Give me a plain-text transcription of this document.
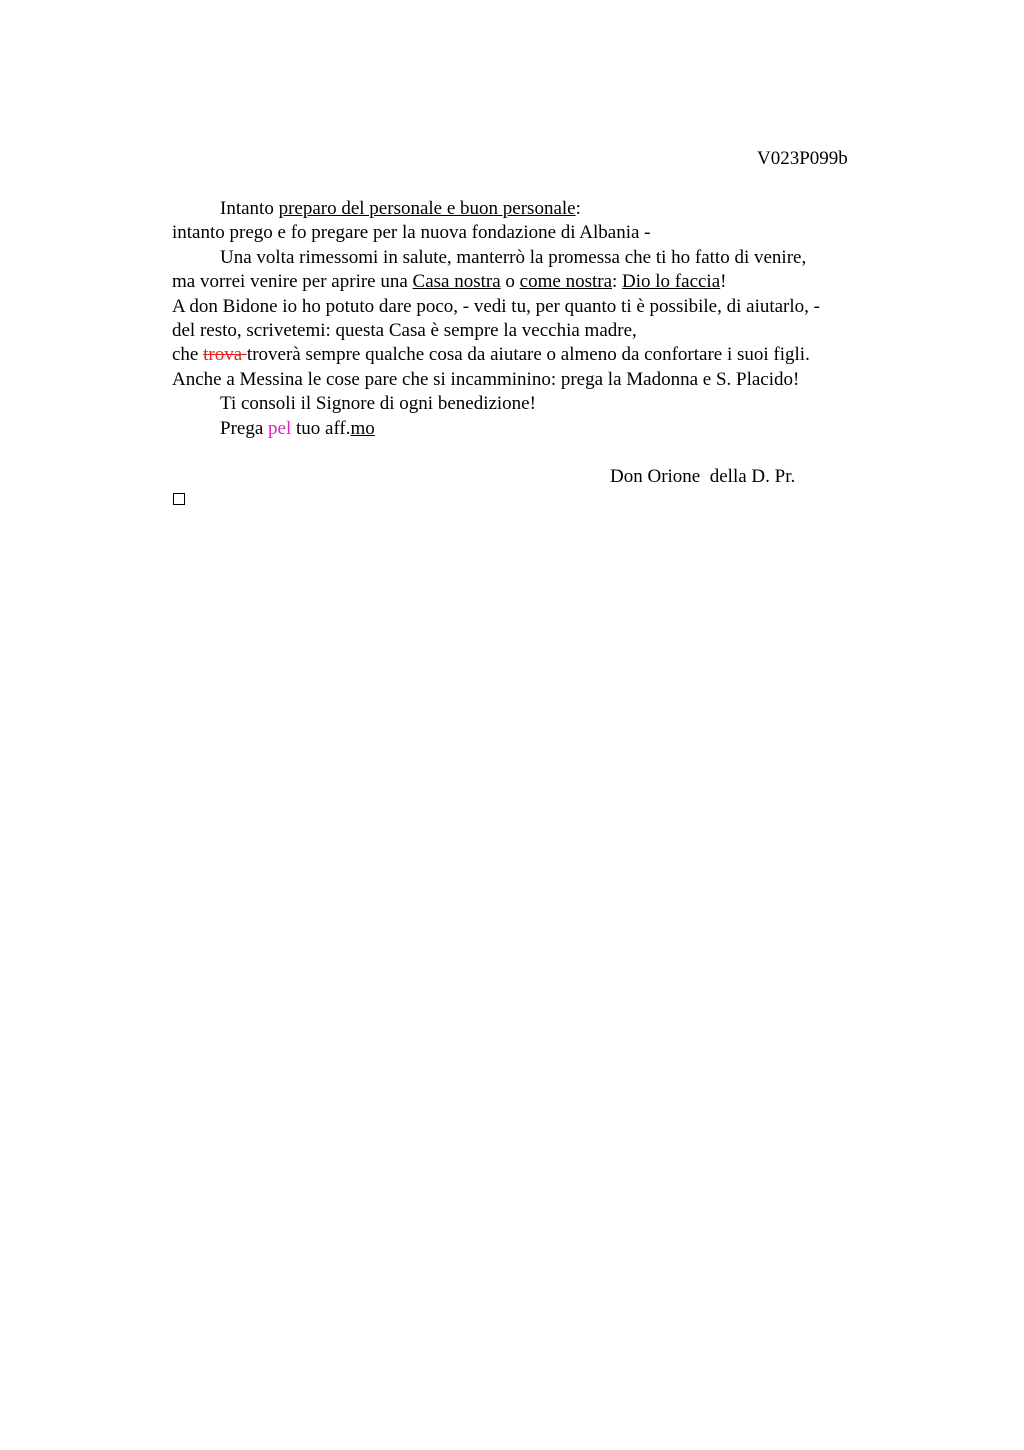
V023P099b
Intanto preparo del personale e buon personale:
intanto prego e fo pregare per la nuova fondazione di Albania -
Una volta rimessomi in salute, manterrò la promessa che ti ho fatto di venire,
ma vorrei venire per aprire una Casa nostra o come nostra: Dio lo faccia!
A don Bidone io ho potuto dare poco, - vedi tu, per quanto ti è possibile, di aiutarlo, -
del resto, scrivetemi: questa Casa è sempre la vecchia madre,
che trova troverà sempre qualche cosa da aiutare o almeno da confortare i suoi figli.
Anche a Messina le cose pare che si incamminino: prega la Madonna e S. Placido!
Ti consoli il Signore di ogni benedizione!
Prega pel tuo aff.mo
Don Orione  della D. Pr.
